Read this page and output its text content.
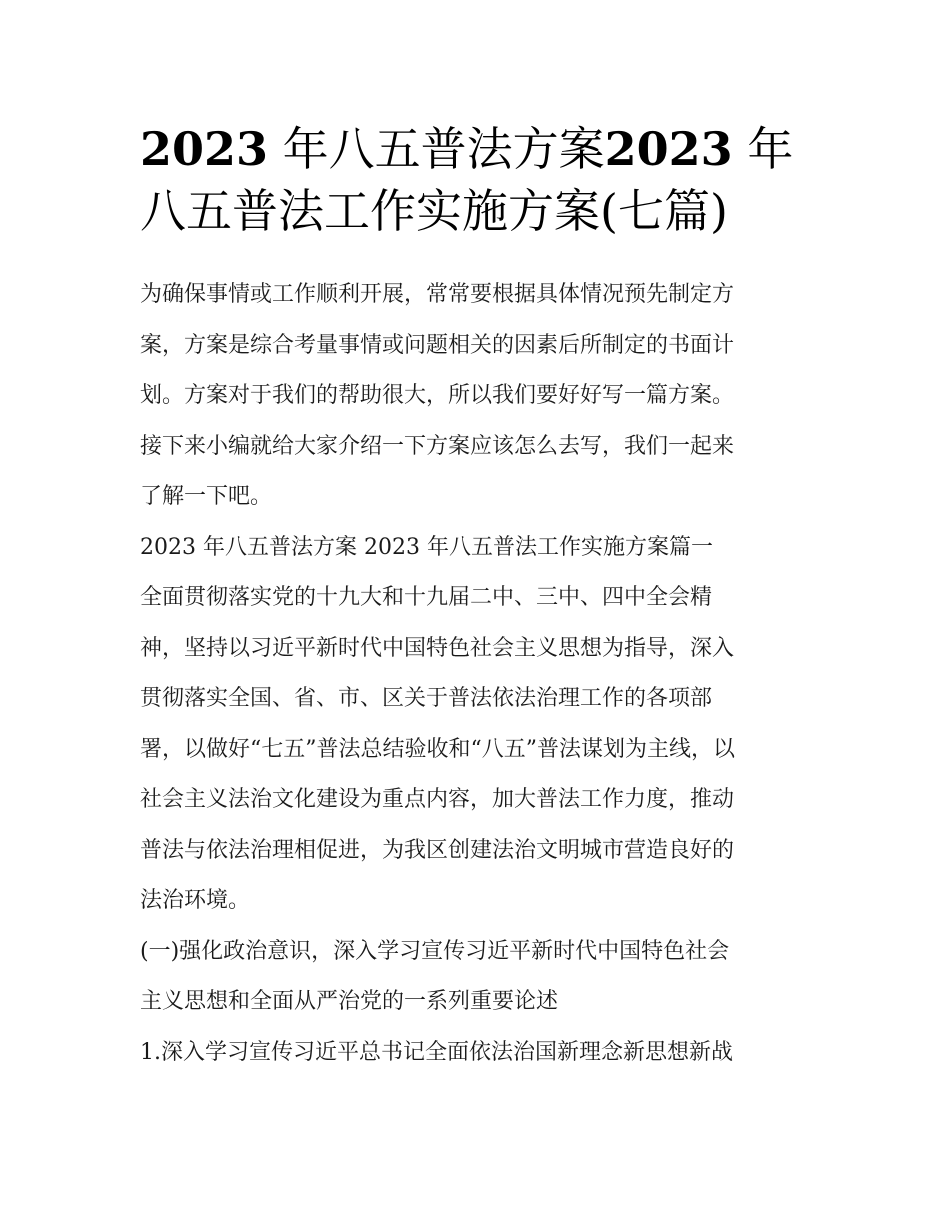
2023 年八五普法方案2023 年
八五普法工作实施方案(七篇)
为确保事情或工作顺利开展，常常要根据具体情况预先制定方
案，方案是综合考量事情或问题相关的因素后所制定的书面计
划。方案对于我们的帮助很大，所以我们要好好写一篇方案。
接下来小编就给大家介绍一下方案应该怎么去写，我们一起来
了解一下吧。
2023 年八五普法方案 2023 年八五普法工作实施方案篇一
全面贯彻落实党的十九大和十九届二中、三中、四中全会精
神，坚持以习近平新时代中国特色社会主义思想为指导，深入
贯彻落实全国、省、市、区关于普法依法治理工作的各项部
署，以做好“七五”普法总结验收和“八五”普法谋划为主线，以
社会主义法治文化建设为重点内容，加大普法工作力度，推动
普法与依法治理相促进，为我区创建法治文明城市营造良好的
法治环境。
(一)强化政治意识，深入学习宣传习近平新时代中国特色社会
主义思想和全面从严治党的一系列重要论述
1.深入学习宣传习近平总书记全面依法治国新理念新思想新战
